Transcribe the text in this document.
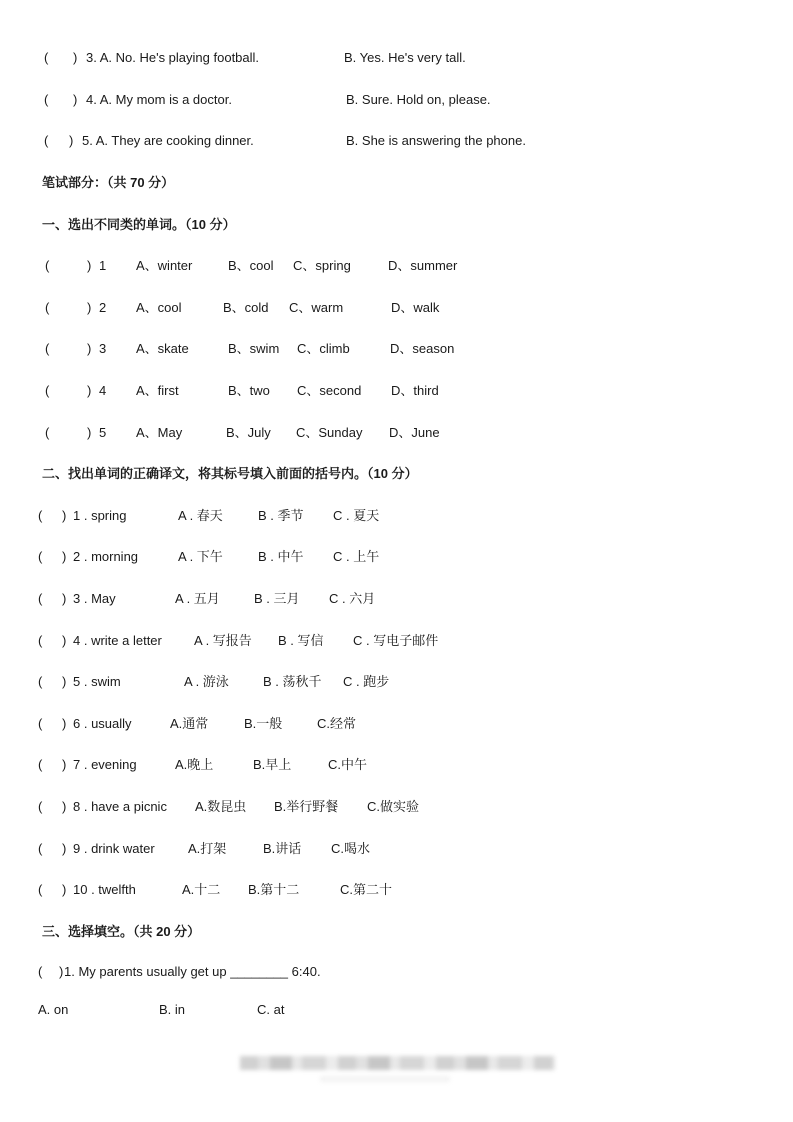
( ) 3. A. No. He's playing football.	B. Yes. He's very tall.
( ) 4. A. My mom is a doctor.	B. Sure. Hold on, please.
( ) 5. A. They are cooking dinner.	B. She is answering the phone.
笔试部分：（共 70 分）
一、选出不同类的单词。（10 分）
(	) 1 A、winter	B、cool C、spring	D、summer
(	) 2 A、cool	B、cold C、warm	D、walk
(	) 3 A、skate	B、swim C、climb	D、season
(	) 4 A、first	B、two C、second D、third
(	) 5 A、May	B、July C、Sunday D、June
二、找出单词的正确译文，将其标号填入前面的括号内。（10 分）
( ) 1 . spring	A . 春天	B . 季节 C . 夏天
( ) 2 . morning	A . 下午	B . 中午 C . 上午
( ) 3 . May	A . 五月	B . 三月 C . 六月
( ) 4 . write a letter A . 写报告 B . 写信 C . 写电子邮件
( ) 5 . swim	A . 游泳	B . 荡秋千 C . 跑步
( ) 6 . usually	A.通常	B.一般	C.经常
( ) 7 . evening	A.晚上	B.早上	C.中午
( ) 8 . have a picnic A.数昆虫 B.举行野餐 C.做实验
( ) 9 . drink water	A.打架	B.讲话 C.喝水
( ) 10 . twelfth	A.十二 B.第十二	C.第二十
三、选择填空。（共 20 分）
( ) 1. My parents usually get up ________ 6:40.
A. on	B. in	C. at
